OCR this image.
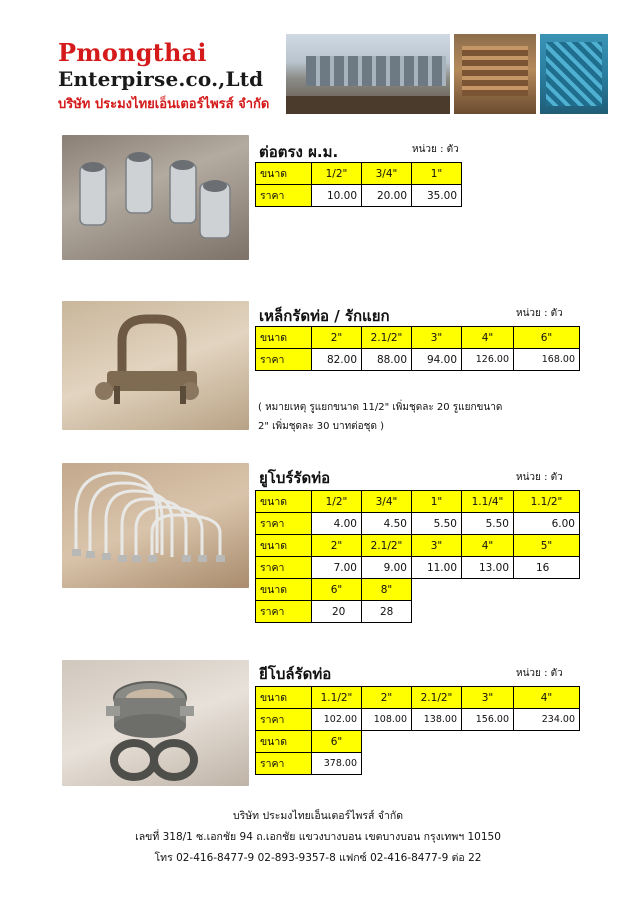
Pmongthai
Enterpirse.co.,Ltd
บริษัท ประมงไทยเอ็นเตอร์ไพรส์ จำกัด
ต่อตรง ผ.ม.	หน่วย : ตัว
ขนาด	1/2"	3/4"	1"
ราคา	10.00	20.00	35.00
เหล็กรัดท่อ / รักแยก	หน่วย : ตัว
ขนาด	2"	2.1/2"	3"	4"	6"
ราคา	82.00	88.00	94.00	126.00	168.00
( หมายเหตุ รูแยกขนาด 11/2" เพิ่มชุดละ 20 รูแยกขนาด
2" เพิ่มชุดละ 30 บาทต่อชุด )
ยูโบร์รัดท่อ	หน่วย : ตัว
ขนาด	1/2"	3/4"	1"	1.1/4"	1.1/2"
ราคา	4.00	4.50	5.50	5.50	6.00
ขนาด	2"	2.1/2"	3"	4"	5"
ราคา	7.00	9.00	11.00	13.00	16
ขนาด	6"	8"			
ราคา	20	28			
ยีโบล์รัดท่อ	หน่วย : ตัว
ขนาด	1.1/2"	2"	2.1/2"	3"	4"
ราคา	102.00	108.00	138.00	156.00	234.00
ขนาด	6"				
ราคา	378.00				
บริษัท ประมงไทยเอ็นเตอร์ไพรส์ จำกัด
เลขที่ 318/1 ซ.เอกชัย 94 ถ.เอกชัย แขวงบางบอน เขตบางบอน กรุงเทพฯ 10150
โทร 02-416-8477-9 02-893-9357-8 แฟกซ์ 02-416-8477-9 ต่อ 22
